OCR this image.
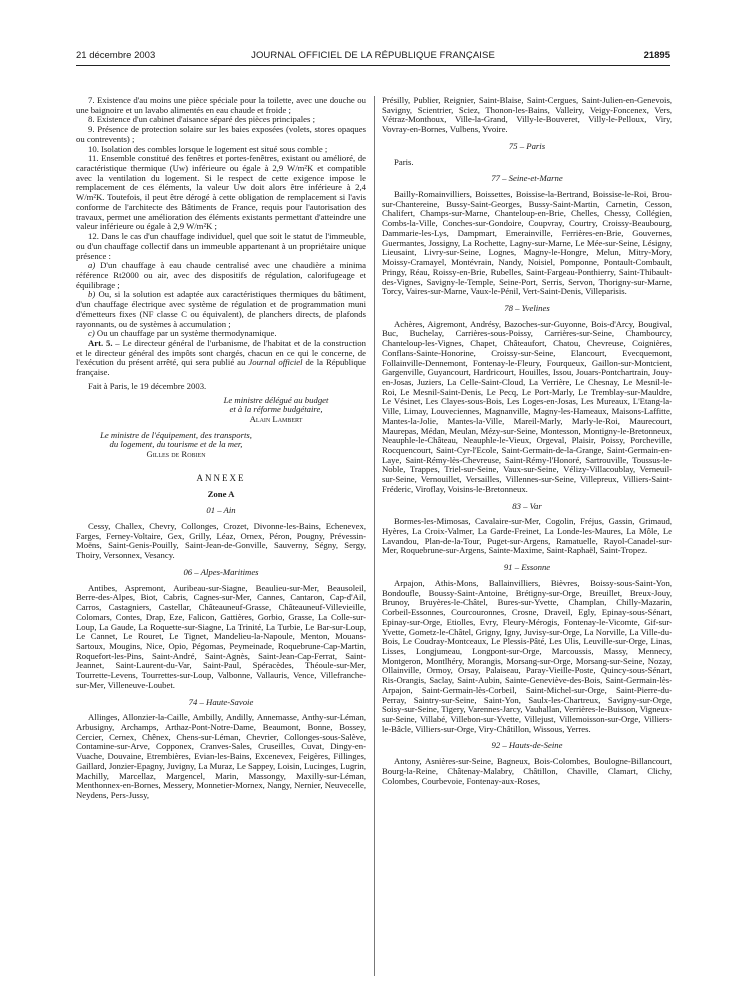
21 décembre 2003	JOURNAL OFFICIEL DE LA RÉPUBLIQUE FRANÇAISE	21895

7. Existence d'au moins une pièce spéciale pour la toilette, avec une douche ou une baignoire et un lavabo alimentés en eau chaude et froide ;

8. Existence d'un cabinet d'aisance séparé des pièces principales ;

9. Présence de protection solaire sur les baies exposées (volets, stores opaques ou contrevents) ;

10. Isolation des combles lorsque le logement est situé sous comble ;

11. Ensemble constitué des fenêtres et portes-fenêtres, existant ou amélioré, de caractéristique thermique (Uw) inférieure ou égale à 2,9 W/m²K et compatible avec la ventilation du logement. Si le respect de cette exigence impose le remplacement de ces éléments, la valeur Uw doit alors être inférieure à 2,4 W/m²K. Toutefois, il peut être dérogé à cette obligation de remplacement si l'avis conforme de l'architecte des Bâtiments de France, requis pour l'autorisation des travaux, permet une amélioration des éléments existants permettant d'atteindre une valeur inférieure ou égale à 2,9 W/m²K ;

12. Dans le cas d'un chauffage individuel, quel que soit le statut de l'immeuble, ou d'un chauffage collectif dans un immeuble appartenant à un propriétaire unique présence :

a) D'un chauffage à eau chaude centralisé avec une chaudière a minima référence Rt2000 ou air, avec des dispositifs de régulation, calorifugeage et équilibrage ;

b) Ou, si la solution est adaptée aux caractéristiques thermiques du bâtiment, d'un chauffage électrique avec système de régulation et de programmation muni d'émetteurs fixes (NF classe C ou équivalent), de planchers directs, de plafonds rayonnants, ou de systèmes à accumulation ;

c) Ou un chauffage par un système thermodynamique.

Art. 5. – Le directeur général de l'urbanisme, de l'habitat et de la construction et le directeur général des impôts sont chargés, chacun en ce qui le concerne, de l'exécution du présent arrêté, qui sera publié au Journal officiel de la République française.

Fait à Paris, le 19 décembre 2003.

Le ministre délégué au budget

et à la réforme budgétaire,

Alain Lambert

Le ministre de l'équipement, des transports,

du logement, du tourisme et de la mer,

Gilles de Robien

ANNEXE

Zone A

01 – Ain

Cessy, Challex, Chevry, Collonges, Crozet, Divonne-les-Bains, Echenevex, Farges, Ferney-Voltaire, Gex, Grilly, Léaz, Ornex, Péron, Pougny, Prévessin-Moëns, Saint-Genis-Pouilly, Saint-Jean-de-Gonville, Sauverny, Ségny, Sergy, Thoiry, Versonnex, Vesancy.

06 – Alpes-Maritimes

Antibes, Aspremont, Auribeau-sur-Siagne, Beaulieu-sur-Mer, Beausoleil, Berre-des-Alpes, Biot, Cabris, Cagnes-sur-Mer, Cannes, Cantaron, Cap-d'Ail, Carros, Castagniers, Castellar, Châteauneuf-Grasse, Châteauneuf-Villevieille, Colomars, Contes, Drap, Eze, Falicon, Gattières, Gorbio, Grasse, La Colle-sur-Loup, La Gaude, La Roquette-sur-Siagne, La Trinité, La Turbie, Le Bar-sur-Loup, Le Cannet, Le Rouret, Le Tignet, Mandelieu-la-Napoule, Menton, Mouans-Sartoux, Mougins, Nice, Opio, Pégomas, Peymeinade, Roquebrune-Cap-Martin, Roquefort-les-Pins, Saint-André, Saint-Agnès, Saint-Jean-Cap-Ferrat, Saint-Jeannet, Saint-Laurent-du-Var, Saint-Paul, Spéracèdes, Théoule-sur-Mer, Tourrette-Levens, Tourrettes-sur-Loup, Valbonne, Vallauris, Vence, Villefranche-sur-Mer, Villeneuve-Loubet.

74 – Haute-Savoie

Allinges, Allonzier-la-Caille, Ambilly, Andilly, Annemasse, Anthy-sur-Léman, Arbusigny, Archamps, Arthaz-Pont-Notre-Dame, Beaumont, Bonne, Bossey, Cercier, Cernex, Chênex, Chens-sur-Léman, Chevrier, Collonges-sous-Salève, Contamine-sur-Arve, Copponex, Cranves-Sales, Cruseilles, Cuvat, Dingy-en-Vuache, Douvaine, Etrembières, Evian-les-Bains, Excenevex, Feigères, Fillinges, Gaillard, Jonzier-Epagny, Juvigny, La Muraz, Le Sappey, Loisin, Lucinges, Lugrin, Machilly, Marcellaz, Margencel, Marin, Massongy, Maxilly-sur-Léman, Menthonnex-en-Bornes, Messery, Monnetier-Mornex, Nangy, Nernier, Neuvecelle, Neydens, Pers-Jussy,

Présilly, Publier, Reignier, Saint-Blaise, Saint-Cergues, Saint-Julien-en-Genevois, Savigny, Scientrier, Sciez, Thonon-les-Bains, Valleiry, Veigy-Foncenex, Vers, Vétraz-Monthoux, Ville-la-Grand, Villy-le-Bouveret, Villy-le-Pelloux, Viry, Vovray-en-Bornes, Vulbens, Yvoire.

75 – Paris

Paris.

77 – Seine-et-Marne

Bailly-Romainvilliers, Boissettes, Boissise-la-Bertrand, Boissise-le-Roi, Brou-sur-Chantereine, Bussy-Saint-Georges, Bussy-Saint-Martin, Carnetin, Cesson, Chalifert, Champs-sur-Marne, Chanteloup-en-Brie, Chelles, Chessy, Collégien, Combs-la-Ville, Conches-sur-Gondoire, Coupvray, Courtry, Croissy-Beaubourg, Dammarie-les-Lys, Dampmart, Emerainville, Ferrières-en-Brie, Gouvernes, Guermantes, Jossigny, La Rochette, Lagny-sur-Marne, Le Mée-sur-Seine, Lésigny, Lieusaint, Livry-sur-Seine, Lognes, Magny-le-Hongre, Melun, Mitry-Mory, Moissy-Cramayel, Montévrain, Nandy, Noisiel, Pomponne, Pontault-Combault, Pringy, Réau, Roissy-en-Brie, Rubelles, Saint-Fargeau-Ponthierry, Saint-Thibault-des-Vignes, Savigny-le-Temple, Seine-Port, Serris, Servon, Thorigny-sur-Marne, Torcy, Vaires-sur-Marne, Vaux-le-Pénil, Vert-Saint-Denis, Villeparisis.

78 – Yvelines

Achères, Aigremont, Andrésy, Bazoches-sur-Guyonne, Bois-d'Arcy, Bougival, Buc, Buchelay, Carrières-sous-Poissy, Carrières-sur-Seine, Chambourcy, Chanteloup-les-Vignes, Chapet, Châteaufort, Chatou, Chevreuse, Coignières, Conflans-Sainte-Honorine, Croissy-sur-Seine, Elancourt, Evecquemont, Follainville-Dennemont, Fontenay-le-Fleury, Fourqueux, Gaillon-sur-Montcient, Gargenville, Guyancourt, Hardricourt, Houilles, Issou, Jouars-Pontchartrain, Jouy-en-Josas, Juziers, La Celle-Saint-Cloud, La Verrière, Le Chesnay, Le Mesnil-le-Roi, Le Mesnil-Saint-Denis, Le Pecq, Le Port-Marly, Le Tremblay-sur-Mauldre, Le Vésinet, Les Clayes-sous-Bois, Les Loges-en-Josas, Les Mureaux, L'Etang-la-Ville, Limay, Louveciennes, Magnanville, Magny-les-Hameaux, Maisons-Laffitte, Mantes-la-Jolie, Mantes-la-Ville, Mareil-Marly, Marly-le-Roi, Maurecourt, Maurepas, Médan, Meulan, Mézy-sur-Seine, Montesson, Montigny-le-Bretonneux, Neauphle-le-Château, Neauphle-le-Vieux, Orgeval, Plaisir, Poissy, Porcheville, Rocquencourt, Saint-Cyr-l'Ecole, Saint-Germain-de-la-Grange, Saint-Germain-en-Laye, Saint-Rémy-lès-Chevreuse, Saint-Rémy-l'Honoré, Sartrouville, Toussus-le-Noble, Trappes, Triel-sur-Seine, Vaux-sur-Seine, Vélizy-Villacoublay, Verneuil-sur-Seine, Vernouillet, Versailles, Villennes-sur-Seine, Villepreux, Villiers-Saint-Fréderic, Viroflay, Voisins-le-Bretonneux.

83 – Var

Bormes-les-Mimosas, Cavalaire-sur-Mer, Cogolin, Fréjus, Gassin, Grimaud, Hyères, La Croix-Valmer, La Garde-Freinet, La Londe-les-Maures, La Môle, Le Lavandou, Plan-de-la-Tour, Puget-sur-Argens, Ramatuelle, Rayol-Canadel-sur-Mer, Roquebrune-sur-Argens, Sainte-Maxime, Saint-Raphaël, Saint-Tropez.

91 – Essonne

Arpajon, Athis-Mons, Ballainvilliers, Bièvres, Boissy-sous-Saint-Yon, Bondoufle, Boussy-Saint-Antoine, Brétigny-sur-Orge, Breuillet, Breux-Jouy, Brunoy, Bruyères-le-Châtel, Bures-sur-Yvette, Champlan, Chilly-Mazarin, Corbeil-Essonnes, Courcouronnes, Crosne, Draveil, Egly, Epinay-sous-Sénart, Epinay-sur-Orge, Etiolles, Evry, Fleury-Mérogis, Fontenay-le-Vicomte, Gif-sur-Yvette, Gometz-le-Châtel, Grigny, Igny, Juvisy-sur-Orge, La Norville, La Ville-du-Bois, Le Coudray-Montceaux, Le Plessis-Pâté, Les Ulis, Leuville-sur-Orge, Linas, Lisses, Longjumeau, Longpont-sur-Orge, Marcoussis, Massy, Mennecy, Montgeron, Montlhéry, Morangis, Morsang-sur-Orge, Morsang-sur-Seine, Nozay, Ollainville, Ormoy, Orsay, Palaiseau, Paray-Vieille-Poste, Quincy-sous-Sénart, Ris-Orangis, Saclay, Saint-Aubin, Sainte-Geneviève-des-Bois, Saint-Germain-lès-Arpajon, Saint-Germain-lès-Corbeil, Saint-Michel-sur-Orge, Saint-Pierre-du-Perray, Saintry-sur-Seine, Saint-Yon, Saulx-les-Chartreux, Savigny-sur-Orge, Soisy-sur-Seine, Tigery, Varennes-Jarcy, Vauhallan, Verrières-le-Buisson, Vigneux-sur-Seine, Villabé, Villebon-sur-Yvette, Villejust, Villemoisson-sur-Orge, Villiers-le-Bâcle, Villiers-sur-Orge, Viry-Châtillon, Wissous, Yerres.

92 – Hauts-de-Seine

Antony, Asnières-sur-Seine, Bagneux, Bois-Colombes, Boulogne-Billancourt, Bourg-la-Reine, Châtenay-Malabry, Châtillon, Chaville, Clamart, Clichy, Colombes, Courbevoie, Fontenay-aux-Roses,
